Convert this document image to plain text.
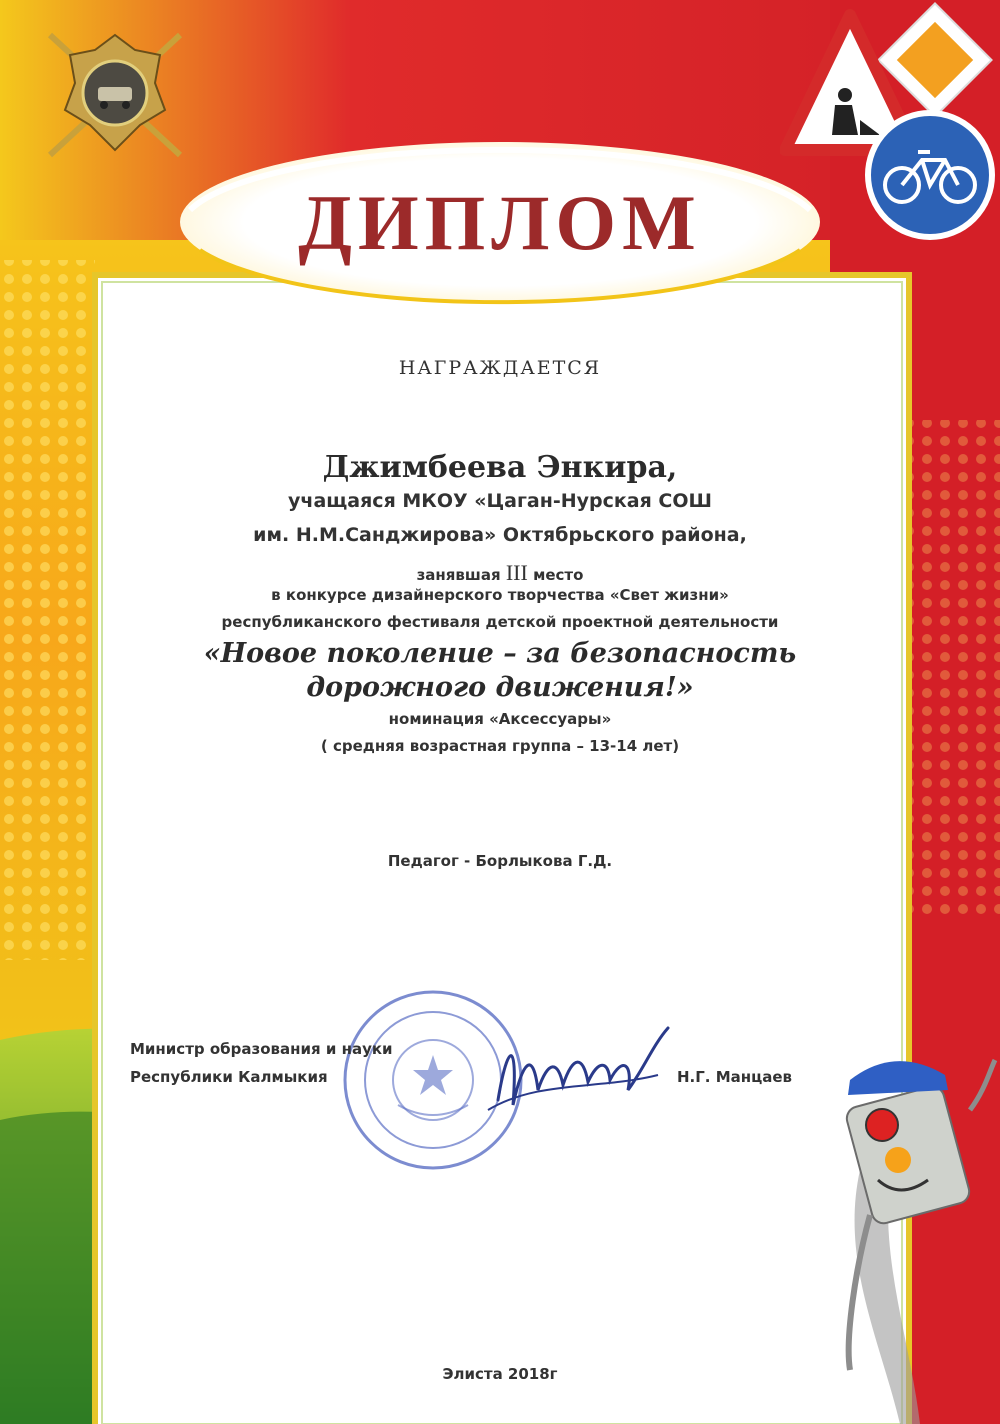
ДИПЛОМ
НАГРАЖДАЕТСЯ
Джимбеева Энкира,
учащаяся МКОУ «Цаган-Нурская СОШ
им. Н.М.Санджирова» Октябрьского района,
занявшая III место
в конкурсе дизайнерского творчества «Свет жизни»
республиканского фестиваля детской проектной деятельности
«Новое поколение – за безопасность
дорожного движения!»
номинация «Аксессуары»
( средняя возрастная группа – 13-14 лет)
Педагог - Борлыкова Г.Д.
Министр образования и науки
Республики Калмыкия	Н.Г. Манцаев
Элиста 2018г
